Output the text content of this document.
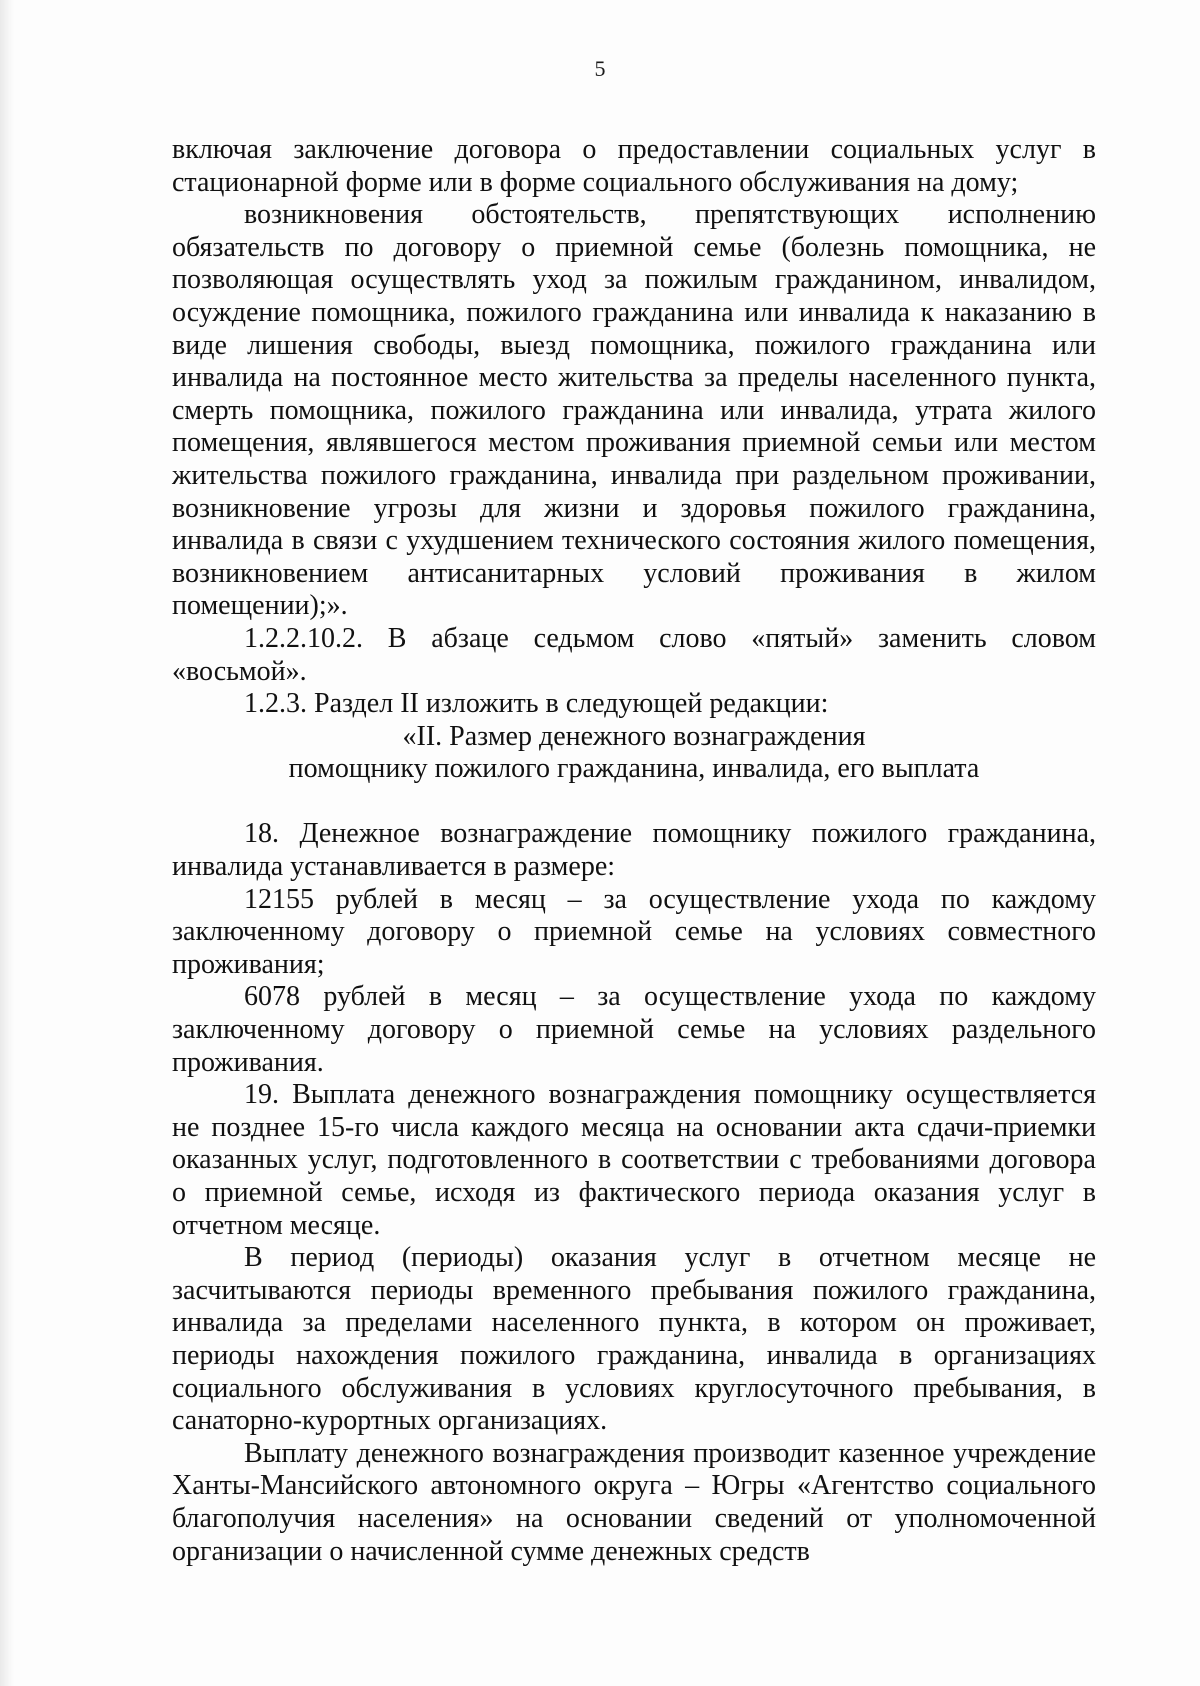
5

включая заключение договора о предоставлении социальных услуг в стационарной форме или в форме социального обслуживания на дому;

возникновения обстоятельств, препятствующих исполнению обязательств по договору о приемной семье (болезнь помощника, не позволяющая осуществлять уход за пожилым гражданином, инвалидом, осуждение помощника, пожилого гражданина или инвалида к наказанию в виде лишения свободы, выезд помощника, пожилого гражданина или инвалида на постоянное место жительства за пределы населенного пункта, смерть помощника, пожилого гражданина или инвалида, утрата жилого помещения, являвшегося местом проживания приемной семьи или местом жительства пожилого гражданина, инвалида при раздельном проживании, возникновение угрозы для жизни и здоровья пожилого гражданина, инвалида в связи с ухудшением технического состояния жилого помещения, возникновением антисанитарных условий проживания в жилом помещении);».

1.2.2.10.2. В абзаце седьмом слово «пятый» заменить словом «восьмой».

1.2.3. Раздел II изложить в следующей редакции:

«II. Размер денежного вознаграждения

помощнику пожилого гражданина, инвалида, его выплата

18. Денежное вознаграждение помощнику пожилого гражданина, инвалида устанавливается в размере:

12155 рублей в месяц – за осуществление ухода по каждому заключенному договору о приемной семье на условиях совместного проживания;

6078 рублей в месяц – за осуществление ухода по каждому заключенному договору о приемной семье на условиях раздельного проживания.

19. Выплата денежного вознаграждения помощнику осуществляется не позднее 15-го числа каждого месяца на основании акта сдачи-приемки оказанных услуг, подготовленного в соответствии с требованиями договора о приемной семье, исходя из фактического периода оказания услуг в отчетном месяце.

В период (периоды) оказания услуг в отчетном месяце не засчитываются периоды временного пребывания пожилого гражданина, инвалида за пределами населенного пункта, в котором он проживает, периоды нахождения пожилого гражданина, инвалида в организациях социального обслуживания в условиях круглосуточного пребывания, в санаторно-курортных организациях.

Выплату денежного вознаграждения производит казенное учреждение Ханты-Мансийского автономного округа – Югры «Агентство социального благополучия населения» на основании сведений от уполномоченной организации о начисленной сумме денежных средств
